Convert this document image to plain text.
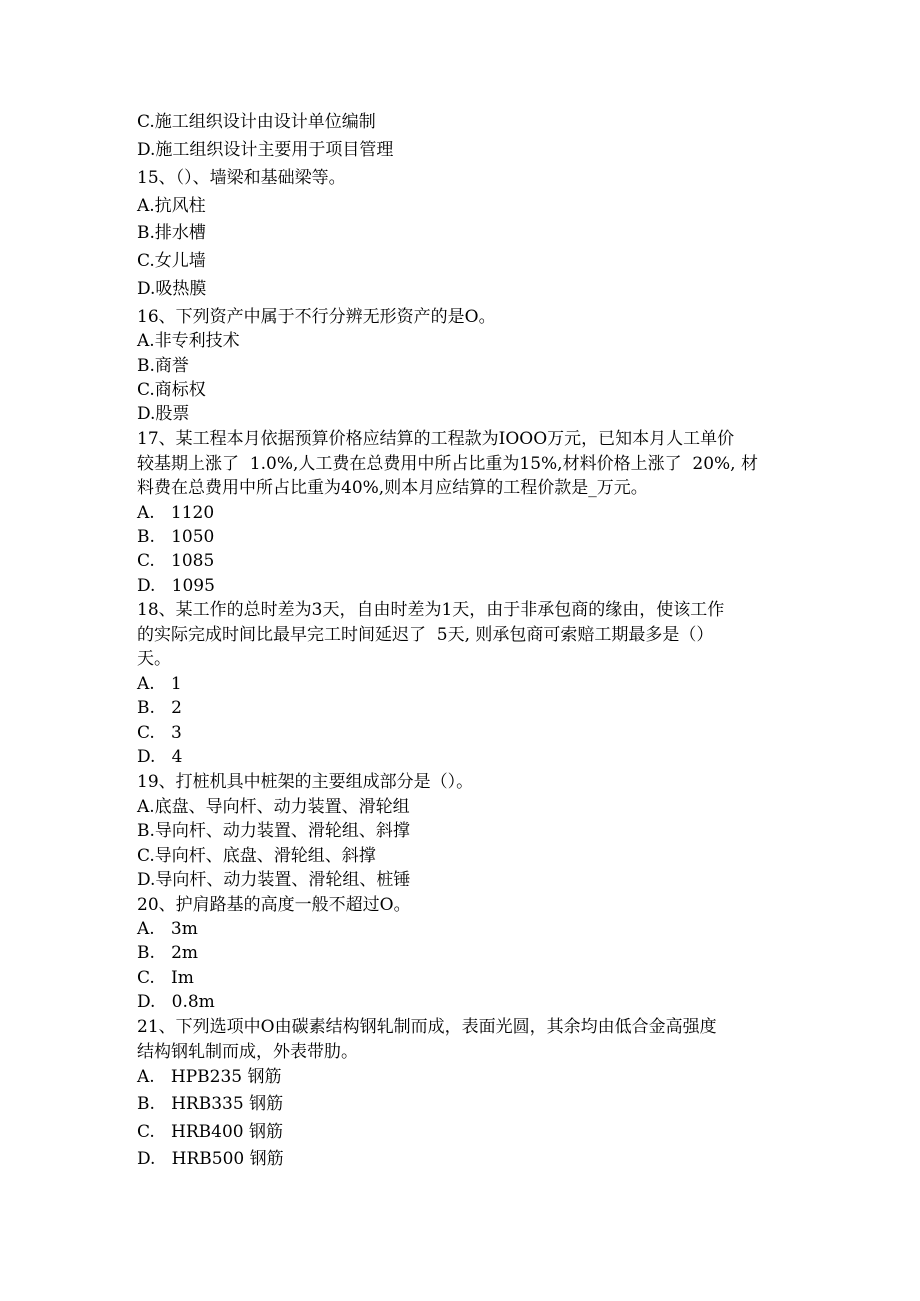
C.施工组织设计由设计单位编制
D.施工组织设计主要用于项目管理
15、（）、墙梁和基础梁等。
A.抗风柱
B.排水槽
C.女儿墙
D.吸热膜
16、下列资产中属于不行分辨无形资产的是O。
A.非专利技术
B.商誉
C.商标权
D.股票
17、某工程本月依据预算价格应结算的工程款为IOOO万元，已知本月人工单价
较基期上涨了  1.0%,人工费在总费用中所占比重为15%,材料价格上涨了  20%, 材
料费在总费用中所占比重为40%,则本月应结算的工程价款是_万元。
A.   1120
B.   1050
C.   1085
D.   1095
18、某工作的总时差为3天，自由时差为1天，由于非承包商的缘由，使该工作
的实际完成时间比最早完工时间延迟了  5天, 则承包商可索赔工期最多是（）
天。
A.   1
B.   2
C.   3
D.   4
19、打桩机具中桩架的主要组成部分是（）。
A.底盘、导向杆、动力装置、滑轮组
B.导向杆、动力装置、滑轮组、斜撑
C.导向杆、底盘、滑轮组、斜撑
D.导向杆、动力装置、滑轮组、桩锤
20、护肩路基的高度一般不超过O。
A.   3m
B.   2m
C.   Im
D.   0.8m
21、下列选项中O由碳素结构钢轧制而成，表面光圆，其余均由低合金高强度
结构钢轧制而成，外表带肋。
A.   HPB235 钢筋
B.   HRB335 钢筋
C.   HRB400 钢筋
D.   HRB500 钢筋
